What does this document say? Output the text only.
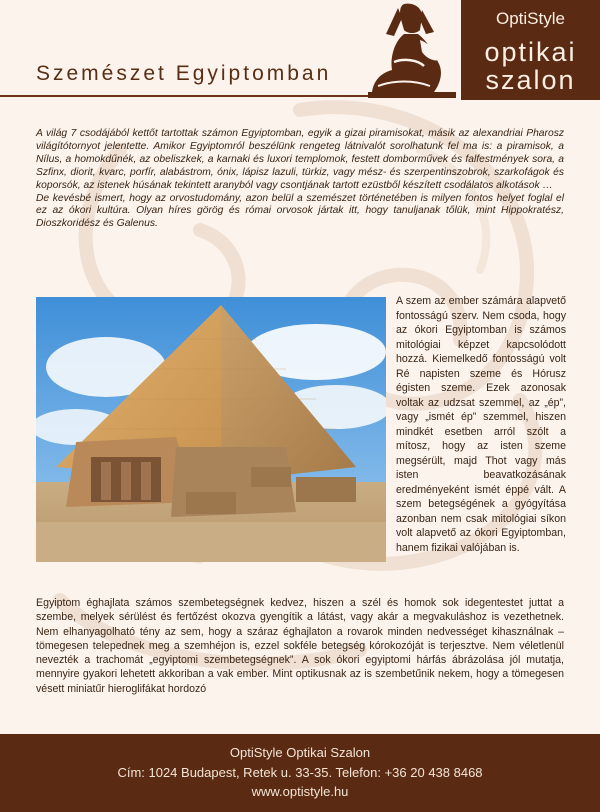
Szemészet Egyiptomban
OptiStyle
optikai
szalon

A világ 7 csodájából kettőt tartottak számon Egyiptomban, egyik a gizai piramisokat, másik az alexandriai Pharosz világítótornyot jelentette. Amikor Egyiptomról beszélünk rengeteg látnivalót sorolhatunk fel ma is: a piramisok, a Nílus, a homokdűnék, az obeliszkek, a karnaki és luxori templomok, festett domborművek és falfestmények sora, a Szfinx, diorit, kvarc, porfír, alabástrom, ónix, lápisz lazuli, türkiz, vagy mész- és szerpentinszobrok, szarkofágok és koporsók, az istenek húsának tekintett aranyból vagy csontjának tartott ezüstből készített csodálatos alkotások …

De kevésbé ismert, hogy az orvostudomány, azon belül a szemészet történetében is milyen fontos helyet foglal el ez az ókori kultúra. Olyan híres görög és római orvosok jártak itt, hogy tanuljanak tőlük, mint Hippokratész, Dioszkoridész és Galenus.

A szem az ember számára alapvető fontosságú szerv. Nem csoda, hogy az ókori Egyiptomban is számos mitológiai képzet kapcsolódott hozzá. Kiemelkedő fontosságú volt Ré napisten szeme és Hórusz égisten szeme. Ezek azonosak voltak az udzsat szemmel, az „ép”, vagy „ismét ép” szemmel, hiszen mindkét esetben arról szólt a mítosz, hogy az isten szeme megsérült, majd Thot vagy más isten beavatkozásának eredményeként ismét éppé vált. A szem betegségének a gyógyítása azonban nem csak mitológiai síkon volt alapvető az ókori Egyiptomban, hanem fizikai valójában is.
Egyiptom éghajlata számos szembetegségnek kedvez, hiszen a szél és homok sok idegentestet juttat a szembe, melyek sérülést és fertőzést okozva gyengítik a látást, vagy akár a megvakuláshoz is vezethetnek. Nem elhanyagolható tény az sem, hogy a száraz éghajlaton a rovarok minden nedvességet kihasználnak – tömegesen telepednek meg a szemhéjon is, ezzel sokféle betegség kórokozóját is terjesztve. Nem véletlenül nevezték a trachomát „egyiptomi szembetegségnek”. A sok ókori egyiptomi hárfás ábrázolása jól mutatja, mennyire gyakori lehetett akkoriban a vak ember. Mint optikusnak az is szembetűnik nekem, hogy a tömegesen vésett miniatűr hieroglifákat hordozó
OptiStyle Optikai Szalon
Cím: 1024 Budapest, Retek u. 33-35. Telefon: +36 20 438 8468
www.optistyle.hu
